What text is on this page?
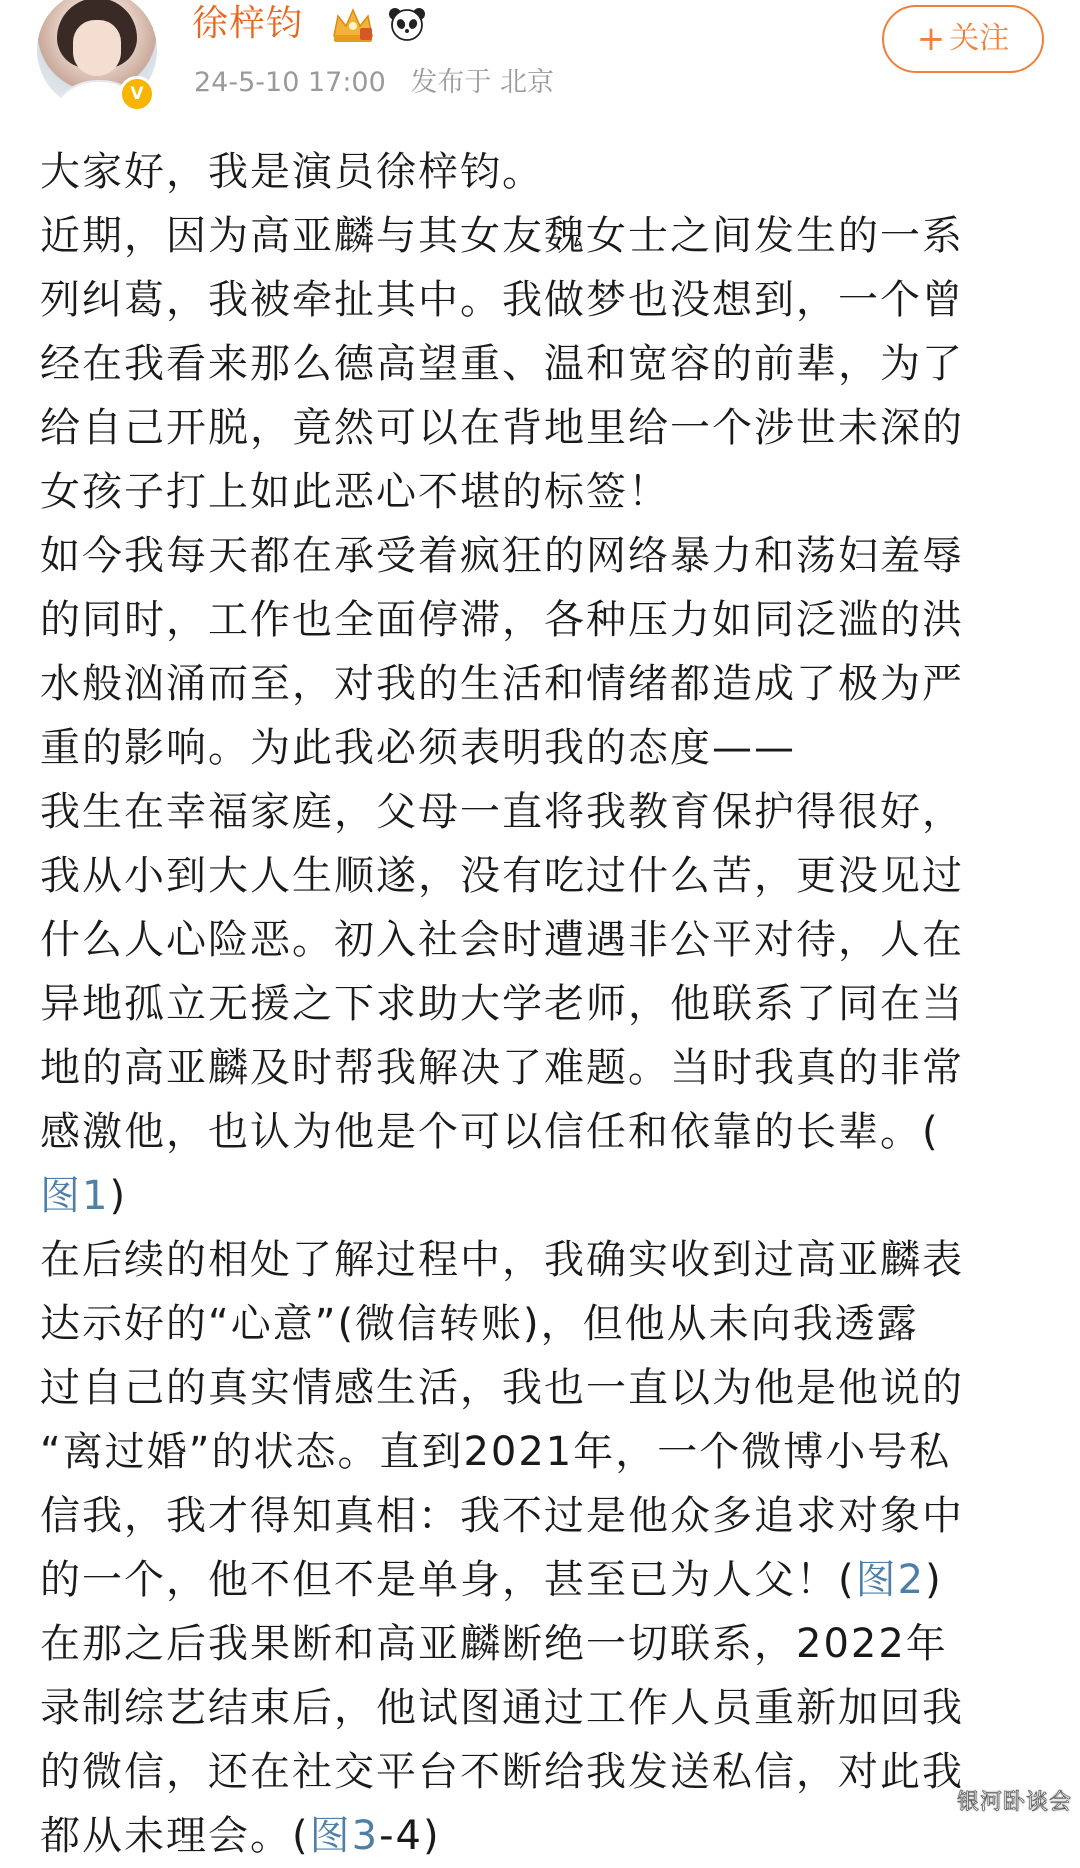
V
徐梓钧
24-5-10 17:00 发布于 北京
+ 关注
大家好，我是演员徐梓钧。
近期，因为高亚麟与其女友魏女士之间发生的一系
列纠葛，我被牵扯其中。我做梦也没想到，一个曾
经在我看来那么德高望重、温和宽容的前辈，为了
给自己开脱，竟然可以在背地里给一个涉世未深的
女孩子打上如此恶心不堪的标签！
如今我每天都在承受着疯狂的网络暴力和荡妇羞辱
的同时，工作也全面停滞，各种压力如同泛滥的洪
水般汹涌而至，对我的生活和情绪都造成了极为严
重的影响。为此我必须表明我的态度——
我生在幸福家庭，父母一直将我教育保护得很好，
我从小到大人生顺遂，没有吃过什么苦，更没见过
什么人心险恶。初入社会时遭遇非公平对待，人在
异地孤立无援之下求助大学老师，他联系了同在当
地的高亚麟及时帮我解决了难题。当时我真的非常
感激他，也认为他是个可以信任和依靠的长辈。(
图1)
在后续的相处了解过程中，我确实收到过高亚麟表
达示好的“心意”(微信转账)，但他从未向我透露
过自己的真实情感生活，我也一直以为他是他说的
“离过婚”的状态。直到2021年，一个微博小号私
信我，我才得知真相：我不过是他众多追求对象中
的一个，他不但不是单身，甚至已为人父！(图2)
在那之后我果断和高亚麟断绝一切联系，2022年
录制综艺结束后，他试图通过工作人员重新加回我
的微信，还在社交平台不断给我发送私信，对此我
都从未理会。(图3-4)
银河卧谈会
